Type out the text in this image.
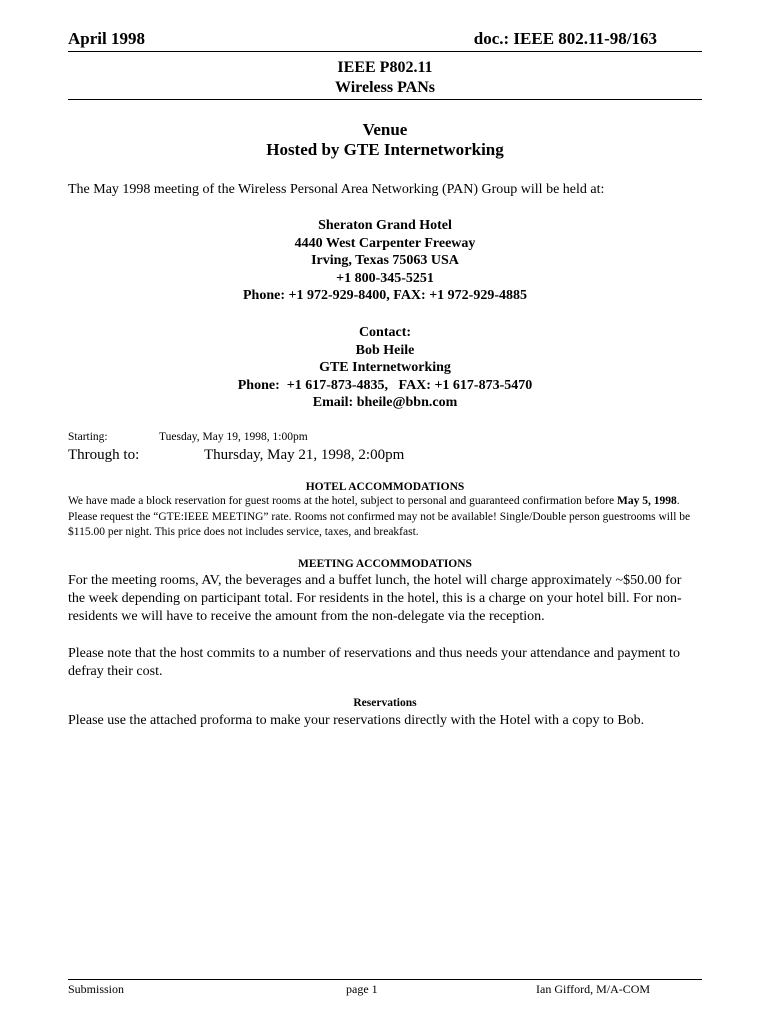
April 1998	doc.: IEEE 802.11-98/163
IEEE P802.11
Wireless PANs
Venue
Hosted by GTE Internetworking
The May 1998 meeting of the Wireless Personal Area Networking (PAN) Group will be held at:
Sheraton Grand Hotel
4440 West Carpenter Freeway
Irving, Texas 75063 USA
+1 800-345-5251
Phone: +1 972-929-8400, FAX: +1 972-929-4885
Contact:
Bob Heile
GTE Internetworking
Phone:  +1 617-873-4835,   FAX: +1 617-873-5470
Email: bheile@bbn.com
Starting:	Tuesday, May 19, 1998, 1:00pm
Through to:	Thursday, May 21, 1998, 2:00pm
HOTEL ACCOMMODATIONS
We have made a block reservation for guest rooms at the hotel, subject to personal and guaranteed confirmation before May 5, 1998. Please request the “GTE:IEEE MEETING” rate. Rooms not confirmed may not be available! Single/Double person guestrooms will be $115.00 per night. This price does not includes service, taxes, and breakfast.
MEETING ACCOMMODATIONS
For the meeting rooms, AV, the beverages and a buffet lunch, the hotel will charge approximately ~$50.00 for the week depending on participant total. For residents in the hotel, this is a charge on your hotel bill. For non-residents we will have to receive the amount from the non-delegate via the reception.
Please note that the host commits to a number of reservations and thus needs your attendance and payment to defray their cost.
Reservations
Please use the attached proforma to make your reservations directly with the Hotel with a copy to Bob.
Submission	page 1	Ian Gifford, M/A-COM
